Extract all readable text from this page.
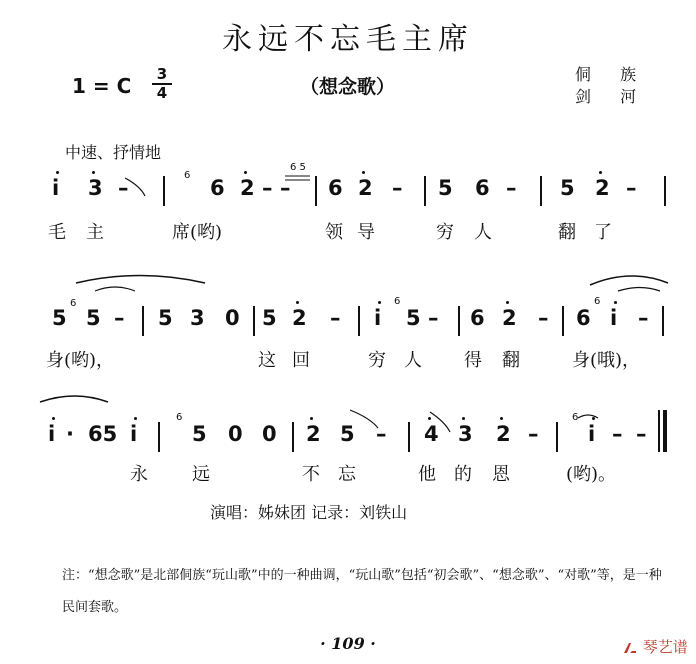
永远不忘毛主席
1 = C	3
4	（想念歌）
侗 族
剑 河
中速、抒情地
i 3 –
6
6 2 – –
6 5
6 2 – 5 6 – 5 2 –
毛 主	席(哟)	领 导	穷 人	翻 了
6
5 5 – 5 3 0 5 2 – i
6
5 – 6 2 – 6
6
i –
身(哟)，	这 回	穷 人 得 翻	身(哦)，
i · 65 i
6
5 0 0 2 5 – 4 3 2 –
6
i – –
永 远	不 忘	他 的 恩	(哟)。
演唱：姊妹团 记录：刘铁山
注：“想念歌”是北部侗族“玩山歌”中的一种曲调，“玩山歌”包括“初会歌”、“想念歌”、“对歌”等，是一种民间套歌。
· 109 ·	琴艺谱
